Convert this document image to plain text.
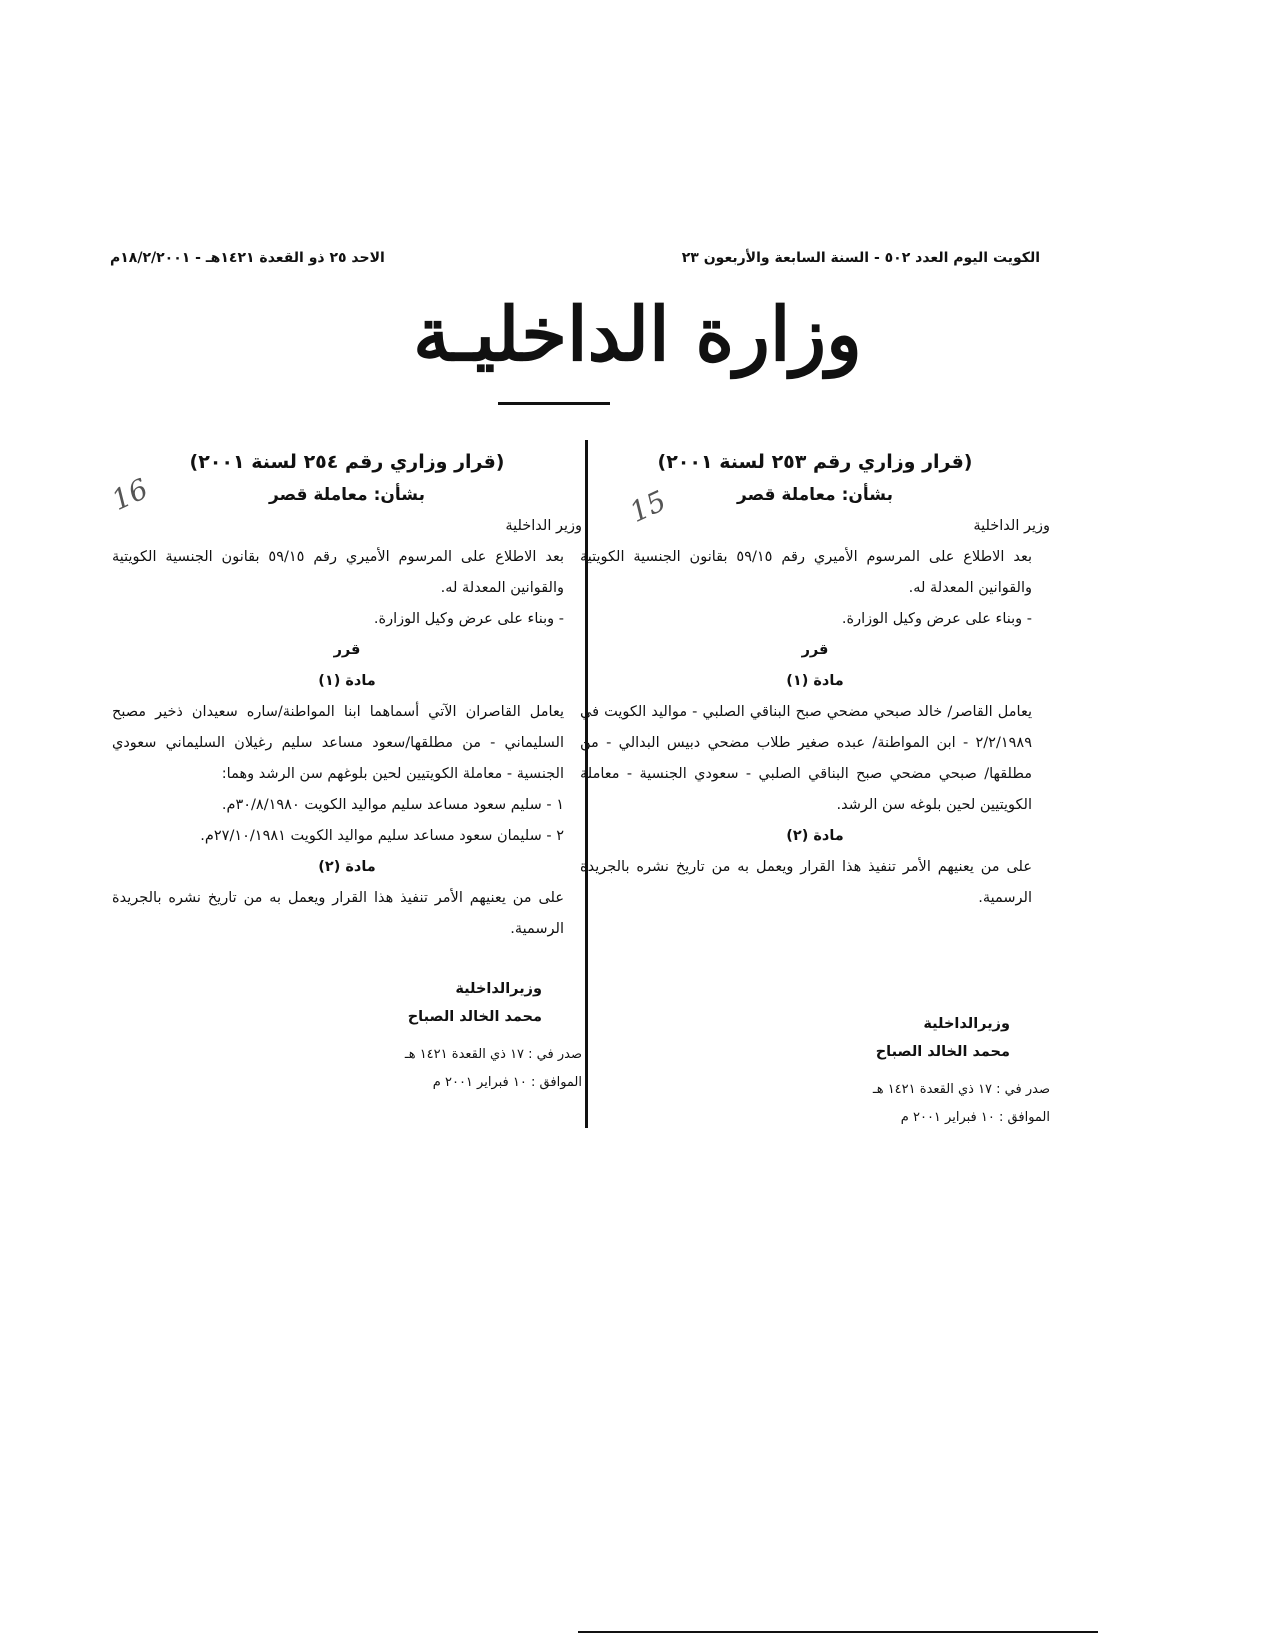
الكويت اليوم العدد ٥٠٢ - السنة السابعة والأربعون ٢٣
الاحد ٢٥ ذو القعدة ١٤٢١هـ - ١٨/٢/٢٠٠١م
وزارة الداخليـة
15
16
(قرار وزاري رقم ٢٥٣ لسنة ٢٠٠١)
بشأن: معاملة قصر
وزير الداخلية

بعد الاطلاع على المرسوم الأميري رقم ٥٩/١٥ بقانون الجنسية الكويتية والقوانين المعدلة له.

- وبناء على عرض وكيل الوزارة.

قرر
مادة (١)

يعامل القاصر/ خالد صبحي مضحي صبح البناقي الصلبي - مواليد الكويت في ٢/٢/١٩٨٩ - ابن المواطنة/ عبده صغير طلاب مضحي دبيس البدالي - من مطلقها/ صبحي مضحي صبح البناقي الصلبي - سعودي الجنسية - معاملة الكويتيين لحين بلوغه سن الرشد.

مادة (٢)

على من يعنيهم الأمر تنفيذ هذا القرار ويعمل به من تاريخ نشره بالجريدة الرسمية.

وزيرالداخلية
محمد الخالد الصباح
صدر في : ١٧ ذي القعدة ١٤٢١ هـ
الموافق : ١٠ فبراير ٢٠٠١ م
(قرار وزاري رقم ٢٥٤ لسنة ٢٠٠١)
بشأن: معاملة قصر
وزير الداخلية

بعد الاطلاع على المرسوم الأميري رقم ٥٩/١٥ بقانون الجنسية الكويتية والقوانين المعدلة له.

- وبناء على عرض وكيل الوزارة.

قرر
مادة (١)

يعامل القاصران الآتي أسماهما ابنا المواطنة/ساره سعيدان ذخير مصبح السليماني - من مطلقها/سعود مساعد سليم رغيلان السليماني سعودي الجنسية - معاملة الكويتيين لحين بلوغهم سن الرشد وهما:

١ - سليم سعود مساعد سليم مواليد الكويت ٣٠/٨/١٩٨٠م.

٢ - سليمان سعود مساعد سليم مواليد الكويت ٢٧/١٠/١٩٨١م.

مادة (٢)

على من يعنيهم الأمر تنفيذ هذا القرار ويعمل به من تاريخ نشره بالجريدة الرسمية.

وزيرالداخلية
محمد الخالد الصباح
صدر في : ١٧ ذي القعدة ١٤٢١ هـ
الموافق : ١٠ فبراير ٢٠٠١ م
